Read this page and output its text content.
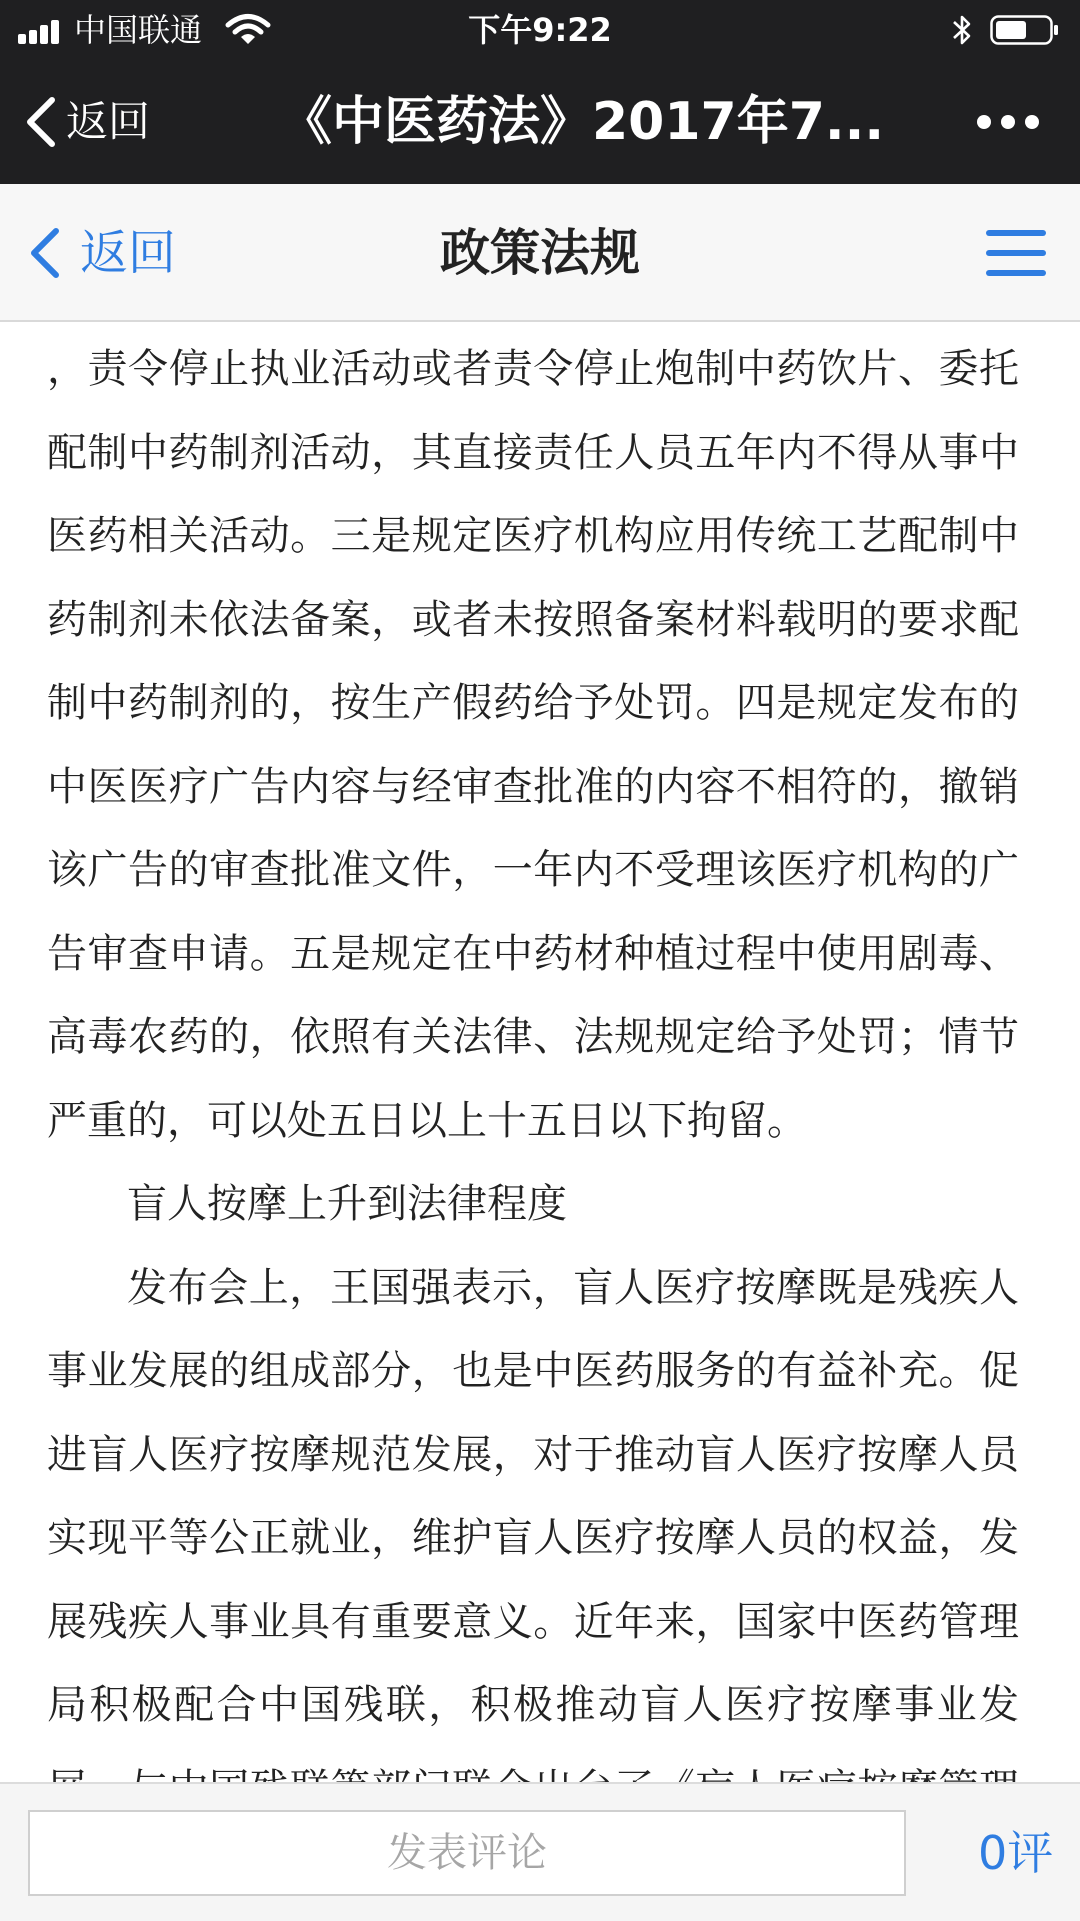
中国联通	下午9:22
返回 《中医药法》2017年7...
返回	政策法规

，责令停止执业活动或者责令停止炮制中药饮片、委托配制中药制剂活动，其直接责任人员五年内不得从事中医药相关活动。三是规定医疗机构应用传统工艺配制中药制剂未依法备案，或者未按照备案材料载明的要求配制中药制剂的，按生产假药给予处罚。四是规定发布的中医医疗广告内容与经审查批准的内容不相符的，撤销该广告的审查批准文件，一年内不受理该医疗机构的广告审查申请。五是规定在中药材种植过程中使用剧毒、高毒农药的，依照有关法律、法规规定给予处罚；情节严重的，可以处五日以上十五日以下拘留。

盲人按摩上升到法律程度

发布会上，王国强表示，盲人医疗按摩既是残疾人事业发展的组成部分，也是中医药服务的有益补充。促进盲人医疗按摩规范发展，对于推动盲人医疗按摩人员实现平等公正就业，维护盲人医疗按摩人员的权益，发展残疾人事业具有重要意义。近年来，国家中医药管理局积极配合中国残联，积极推动盲人医疗按摩事业发

发表评论	0评
